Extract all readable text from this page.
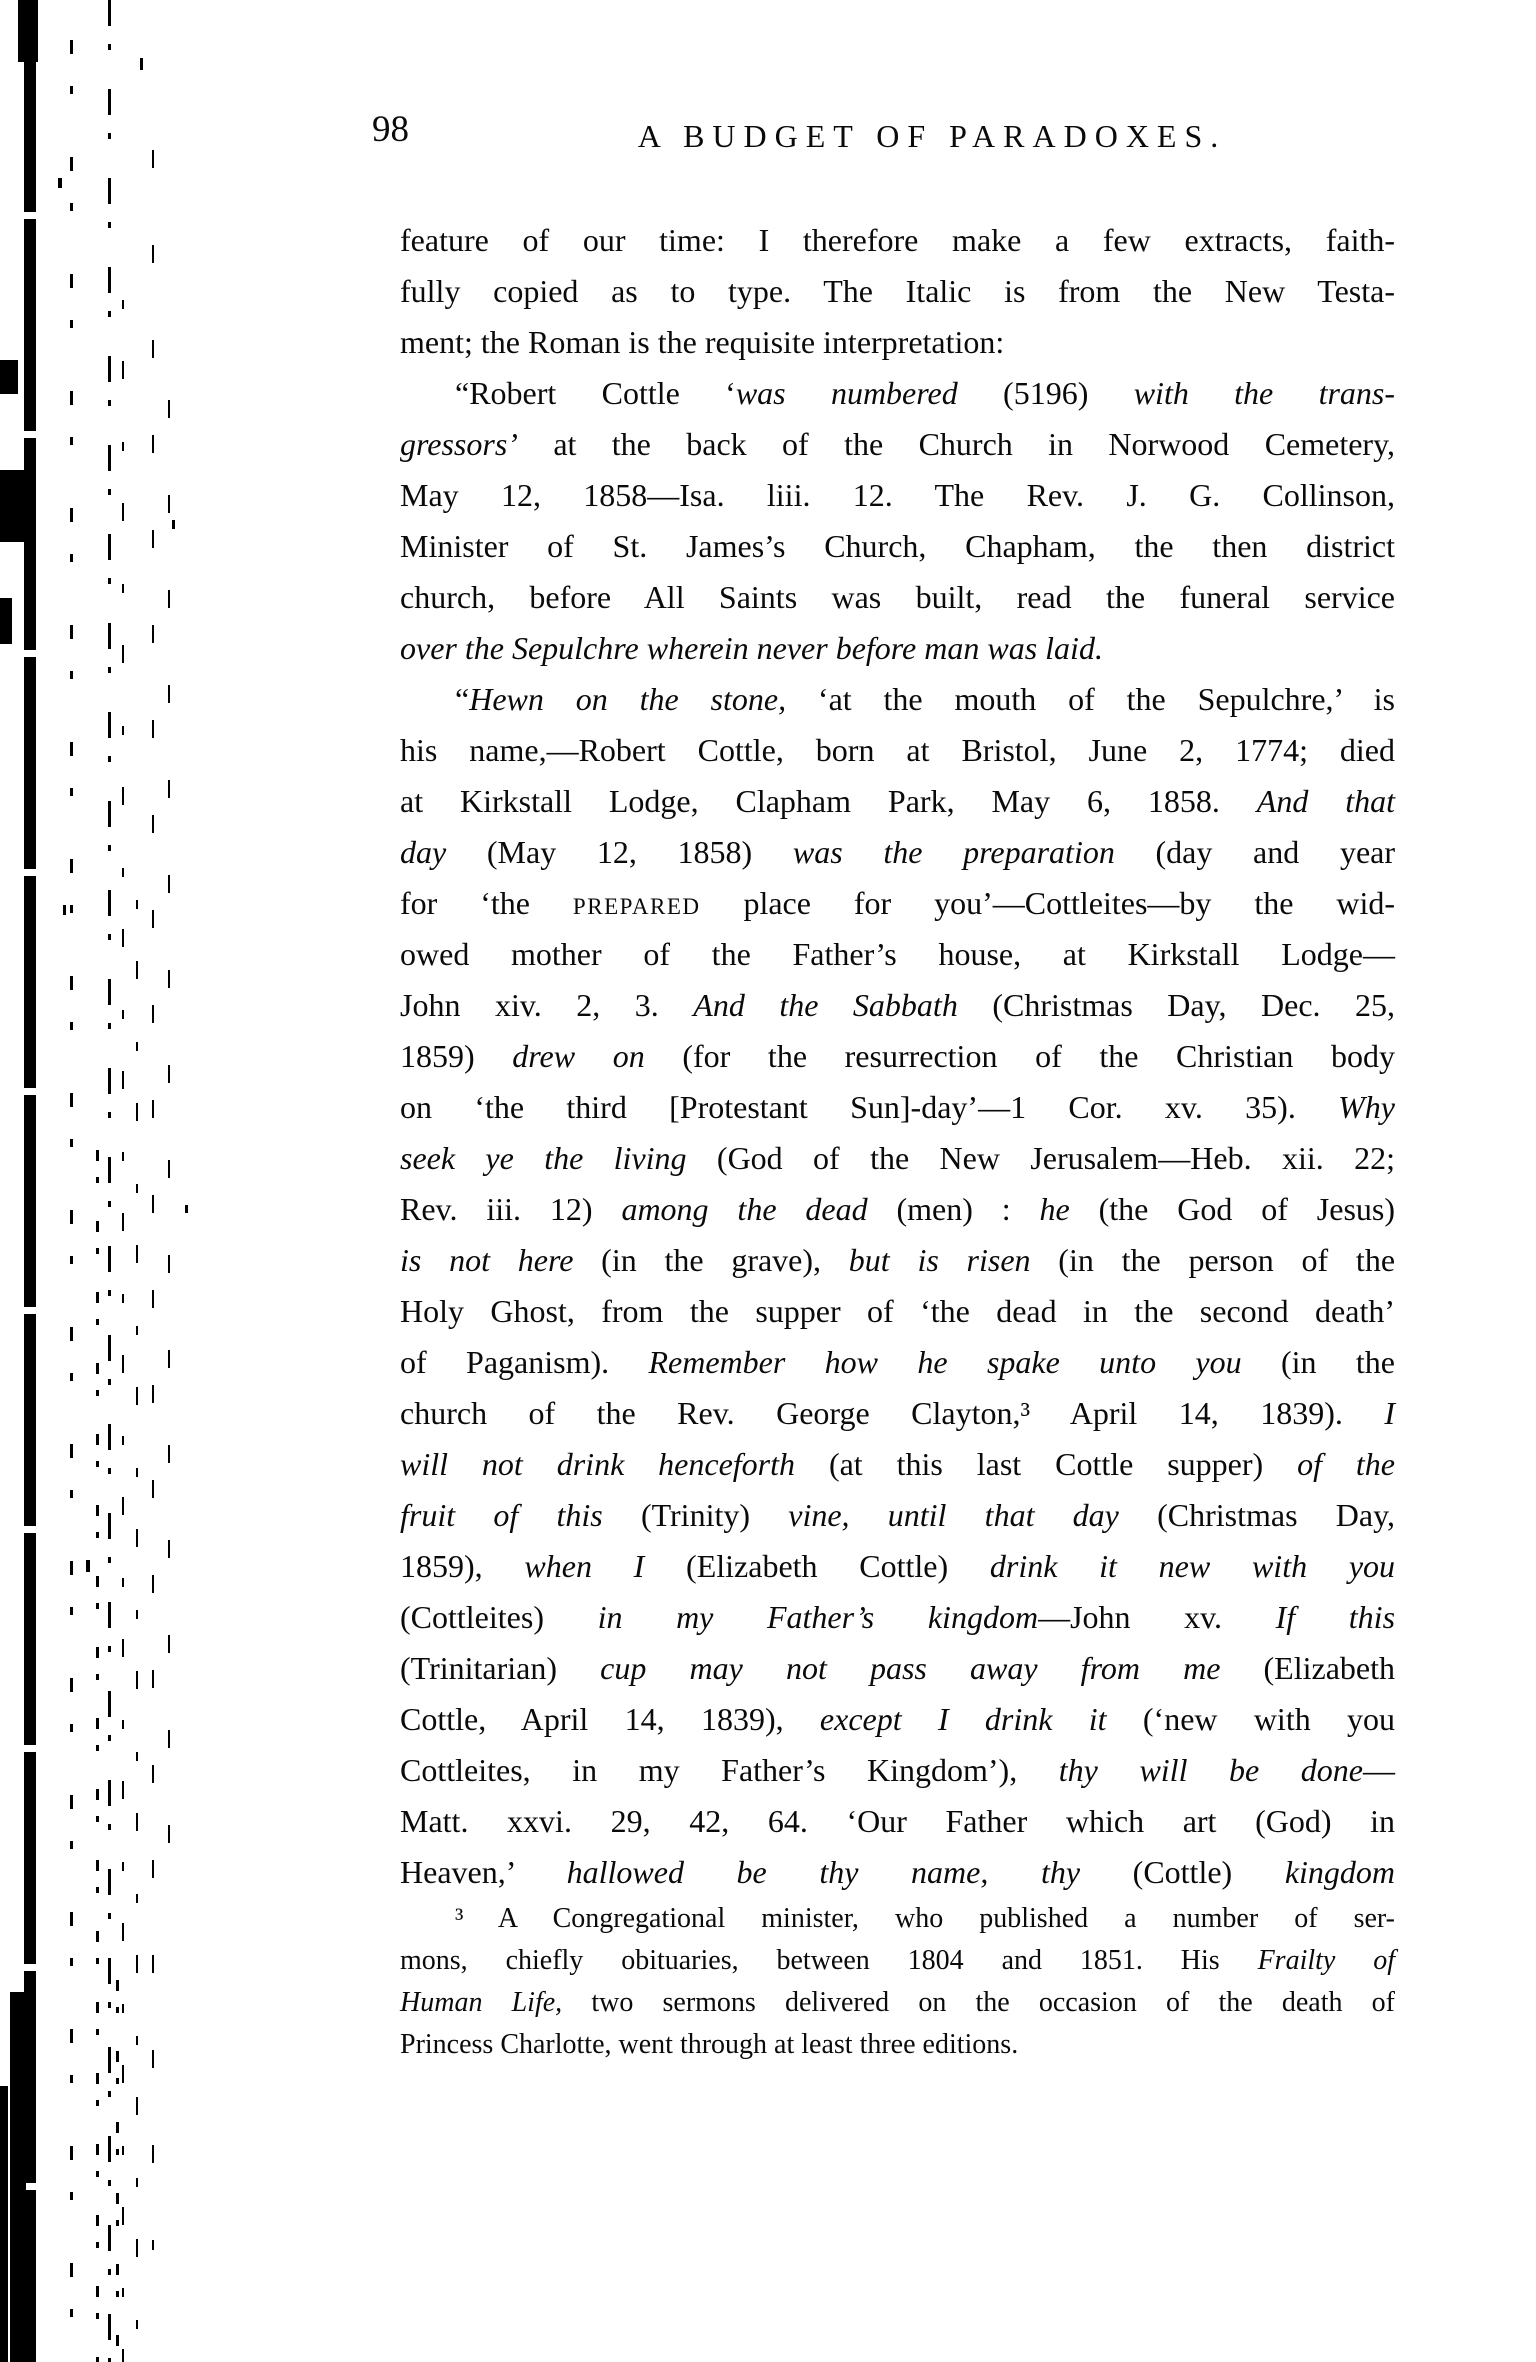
98	A BUDGET OF PARADOXES.
feature of our time: I therefore make a few extracts, faith-
fully copied as to type. The Italic is from the New Testa-
ment; the Roman is the requisite interpretation:
“Robert Cottle ‘was numbered (5196) with the trans-
gressors’ at the back of the Church in Norwood Cemetery,
May 12, 1858—Isa. liii. 12. The Rev. J. G. Collinson,
Minister of St. James’s Church, Chapham, the then district
church, before All Saints was built, read the funeral service
over the Sepulchre wherein never before man was laid.
“Hewn on the stone, ‘at the mouth of the Sepulchre,’ is
his name,—Robert Cottle, born at Bristol, June 2, 1774; died
at Kirkstall Lodge, Clapham Park, May 6, 1858. And that
day (May 12, 1858) was the preparation (day and year
for ‘the PREPARED place for you’—Cottleites—by the wid-
owed mother of the Father’s house, at Kirkstall Lodge—
John xiv. 2, 3. And the Sabbath (Christmas Day, Dec. 25,
1859) drew on (for the resurrection of the Christian body
on ‘the third [Protestant Sun]-day’—1 Cor. xv. 35). Why
seek ye the living (God of the New Jerusalem—Heb. xii. 22;
Rev. iii. 12) among the dead (men) : he (the God of Jesus)
is not here (in the grave), but is risen (in the person of the
Holy Ghost, from the supper of ‘the dead in the second death’
of Paganism). Remember how he spake unto you (in the
church of the Rev. George Clayton,³ April 14, 1839). I
will not drink henceforth (at this last Cottle supper) of the
fruit of this (Trinity) vine, until that day (Christmas Day,
1859), when I (Elizabeth Cottle) drink it new with you
(Cottleites) in my Father’s kingdom—John xv. If this
(Trinitarian) cup may not pass away from me (Elizabeth
Cottle, April 14, 1839), except I drink it (‘new with you
Cottleites, in my Father’s Kingdom’), thy will be done—
Matt. xxvi. 29, 42, 64. ‘Our Father which art (God) in
Heaven,’ hallowed be thy name, thy (Cottle) kingdom
³ A Congregational minister, who published a number of ser-
mons, chiefly obituaries, between 1804 and 1851. His Frailty of
Human Life, two sermons delivered on the occasion of the death of
Princess Charlotte, went through at least three editions.
